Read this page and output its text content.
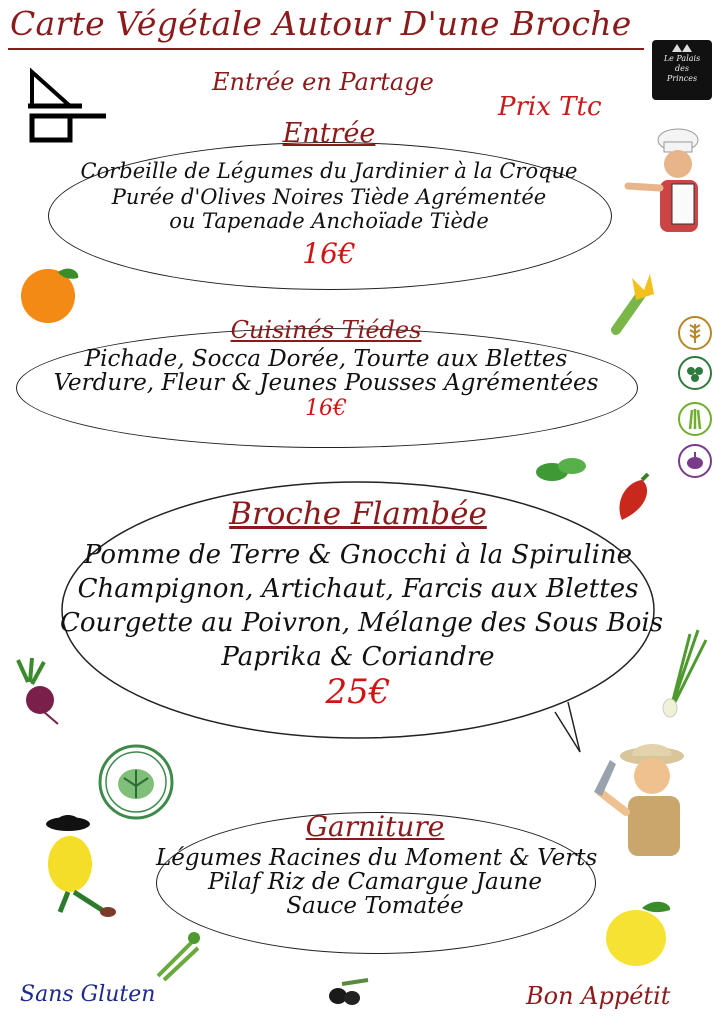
Carte Végétale Autour D'une Broche
Entrée en Partage
Prix Ttc
Le Palais
des
Princes
Entrée
Corbeille de Légumes du Jardinier à la Croque
Purée d'Olives Noires Tiède Agrémentée
ou Tapenade Anchoïade Tiède
16€
Cuisinés Tiédes
Pichade, Socca Dorée, Tourte aux Blettes
Verdure, Fleur & Jeunes Pousses Agrémentées
16€
Broche Flambée
Pomme de Terre & Gnocchi à la Spiruline
Champignon, Artichaut, Farcis aux Blettes
Courgette au Poivron, Mélange des Sous Bois
Paprika & Coriandre
25€
Garniture
Légumes Racines du Moment & Verts
Pilaf Riz de Camargue Jaune
Sauce Tomatée
Sans Gluten	Bon Appétit
